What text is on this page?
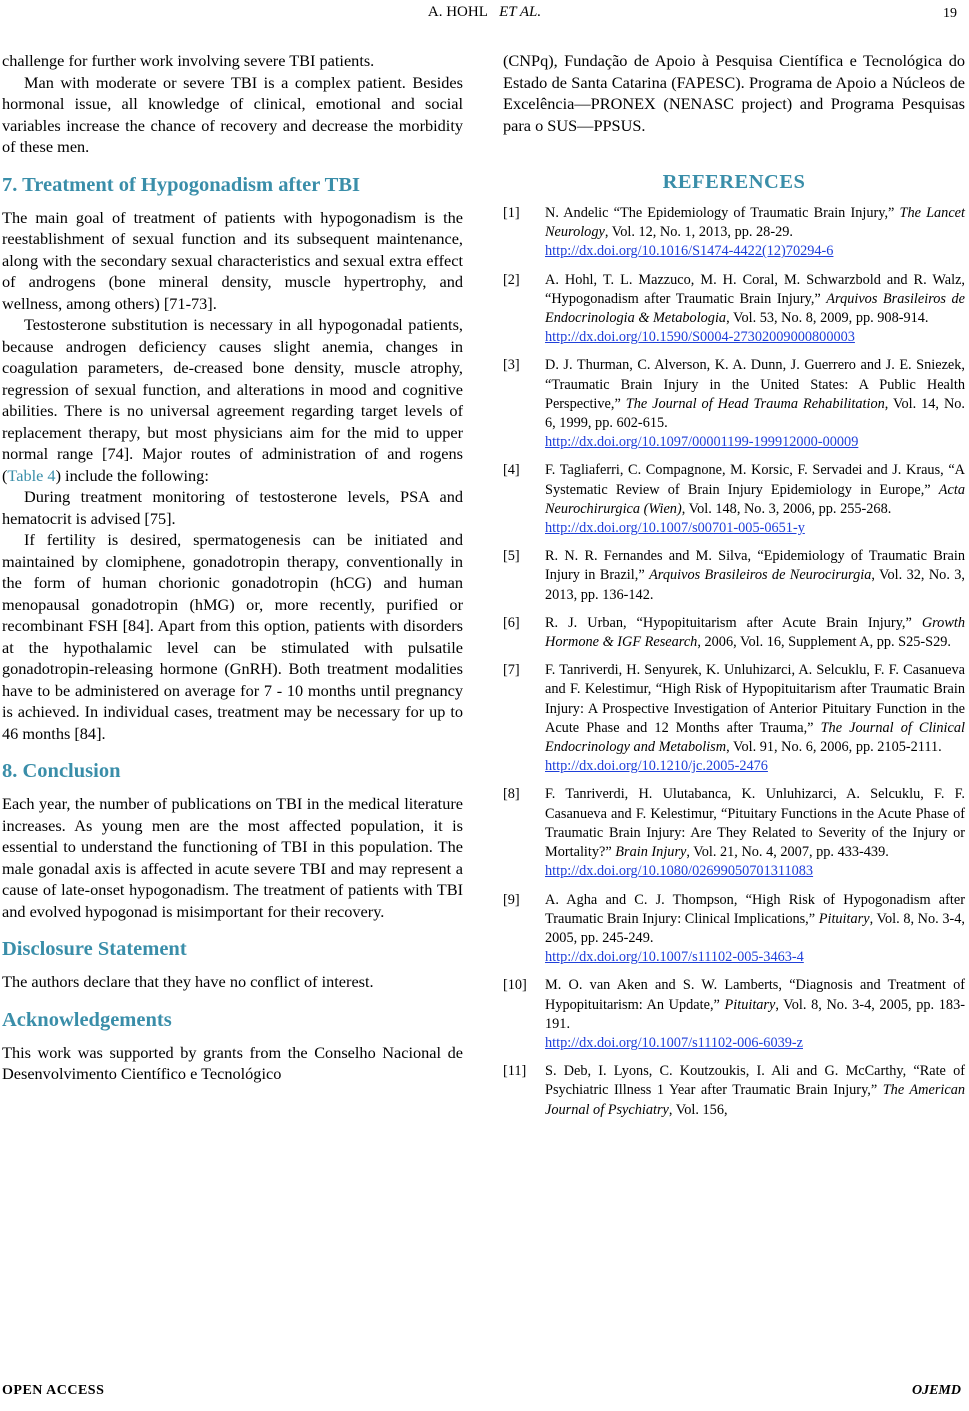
A. HOHL ET AL.	19

challenge for further work involving severe TBI patients.

Man with moderate or severe TBI is a complex patient. Besides hormonal issue, all knowledge of clinical, emotional and social variables increase the chance of recovery and decrease the morbidity of these men.

7. Treatment of Hypogonadism after TBI

The main goal of treatment of patients with hypogonadism is the reestablishment of sexual function and its subsequent maintenance, along with the secondary sexual characteristics and sexual extra effect of androgens (bone mineral density, muscle hypertrophy, and wellness, among others) [71-73].

Testosterone substitution is necessary in all hypogonadal patients, because androgen deficiency causes slight anemia, changes in coagulation parameters, de-creased bone density, muscle atrophy, regression of sexual function, and alterations in mood and cognitive abilities. There is no universal agreement regarding target levels of replacement therapy, but most physicians aim for the mid to upper normal range [74]. Major routes of administration of and rogens (Table 4) include the following:

During treatment monitoring of testosterone levels, PSA and hematocrit is advised [75].

If fertility is desired, spermatogenesis can be initiated and maintained by clomiphene, gonadotropin therapy, conventionally in the form of human chorionic gonadotropin (hCG) and human menopausal gonadotropin (hMG) or, more recently, purified or recombinant FSH [84]. Apart from this option, patients with disorders at the hypothalamic level can be stimulated with pulsatile gonadotropin-releasing hormone (GnRH). Both treatment modalities have to be administered on average for 7 - 10 months until pregnancy is achieved. In individual cases, treatment may be necessary for up to 46 months [84].

8. Conclusion

Each year, the number of publications on TBI in the medical literature increases. As young men are the most affected population, it is essential to understand the functioning of TBI in this population. The male gonadal axis is affected in acute severe TBI and may represent a cause of late-onset hypogonadism. The treatment of patients with TBI and evolved hypogonad is misimportant for their recovery.

Disclosure Statement

The authors declare that they have no conflict of interest.

Acknowledgements

This work was supported by grants from the Conselho Nacional de Desenvolvimento Científico e Tecnológico

(CNPq), Fundação de Apoio à Pesquisa Científica e Tecnológica do Estado de Santa Catarina (FAPESC). Programa de Apoio a Núcleos de Excelência—PRONEX (NENASC project) and Programa Pesquisas para o SUS—PPSUS.

REFERENCES
[1]	N. Andelic “The Epidemiology of Traumatic Brain Injury,” The Lancet Neurology, Vol. 12, No. 1, 2013, pp. 28-29.
http://dx.doi.org/10.1016/S1474-4422(12)70294-6
[2]	A. Hohl, T. L. Mazzuco, M. H. Coral, M. Schwarzbold and R. Walz, “Hypogonadism after Traumatic Brain Injury,” Arquivos Brasileiros de Endocrinologia & Metabologia, Vol. 53, No. 8, 2009, pp. 908-914.
http://dx.doi.org/10.1590/S0004-27302009000800003
[3]	D. J. Thurman, C. Alverson, K. A. Dunn, J. Guerrero and J. E. Sniezek, “Traumatic Brain Injury in the United States: A Public Health Perspective,” The Journal of Head Trauma Rehabilitation, Vol. 14, No. 6, 1999, pp. 602-615.
http://dx.doi.org/10.1097/00001199-199912000-00009
[4]	F. Tagliaferri, C. Compagnone, M. Korsic, F. Servadei and J. Kraus, “A Systematic Review of Brain Injury Epidemiology in Europe,” Acta Neurochirurgica (Wien), Vol. 148, No. 3, 2006, pp. 255-268.
http://dx.doi.org/10.1007/s00701-005-0651-y
[5]	R. N. R. Fernandes and M. Silva, “Epidemiology of Traumatic Brain Injury in Brazil,” Arquivos Brasileiros de Neurocirurgia, Vol. 32, No. 3, 2013, pp. 136-142.
[6]	R. J. Urban, “Hypopituitarism after Acute Brain Injury,” Growth Hormone & IGF Research, 2006, Vol. 16, Supplement A, pp. S25-S29.
[7]	F. Tanriverdi, H. Senyurek, K. Unluhizarci, A. Selcuklu, F. F. Casanueva and F. Kelestimur, “High Risk of Hypopituitarism after Traumatic Brain Injury: A Prospective Investigation of Anterior Pituitary Function in the Acute Phase and 12 Months after Trauma,” The Journal of Clinical Endocrinology and Metabolism, Vol. 91, No. 6, 2006, pp. 2105-2111.
http://dx.doi.org/10.1210/jc.2005-2476
[8]	F. Tanriverdi, H. Ulutabanca, K. Unluhizarci, A. Selcuklu, F. F. Casanueva and F. Kelestimur, “Pituitary Functions in the Acute Phase of Traumatic Brain Injury: Are They Related to Severity of the Injury or Mortality?” Brain Injury, Vol. 21, No. 4, 2007, pp. 433-439.
http://dx.doi.org/10.1080/02699050701311083
[9]	A. Agha and C. J. Thompson, “High Risk of Hypogonadism after Traumatic Brain Injury: Clinical Implications,” Pituitary, Vol. 8, No. 3-4, 2005, pp. 245-249.
http://dx.doi.org/10.1007/s11102-005-3463-4
[10]	M. O. van Aken and S. W. Lamberts, “Diagnosis and Treatment of Hypopituitarism: An Update,” Pituitary, Vol. 8, No. 3-4, 2005, pp. 183-191.
http://dx.doi.org/10.1007/s11102-006-6039-z
[11]	S. Deb, I. Lyons, C. Koutzoukis, I. Ali and G. McCarthy, “Rate of Psychiatric Illness 1 Year after Traumatic Brain Injury,” The American Journal of Psychiatry, Vol. 156,
OPEN ACCESS	OJEMD
